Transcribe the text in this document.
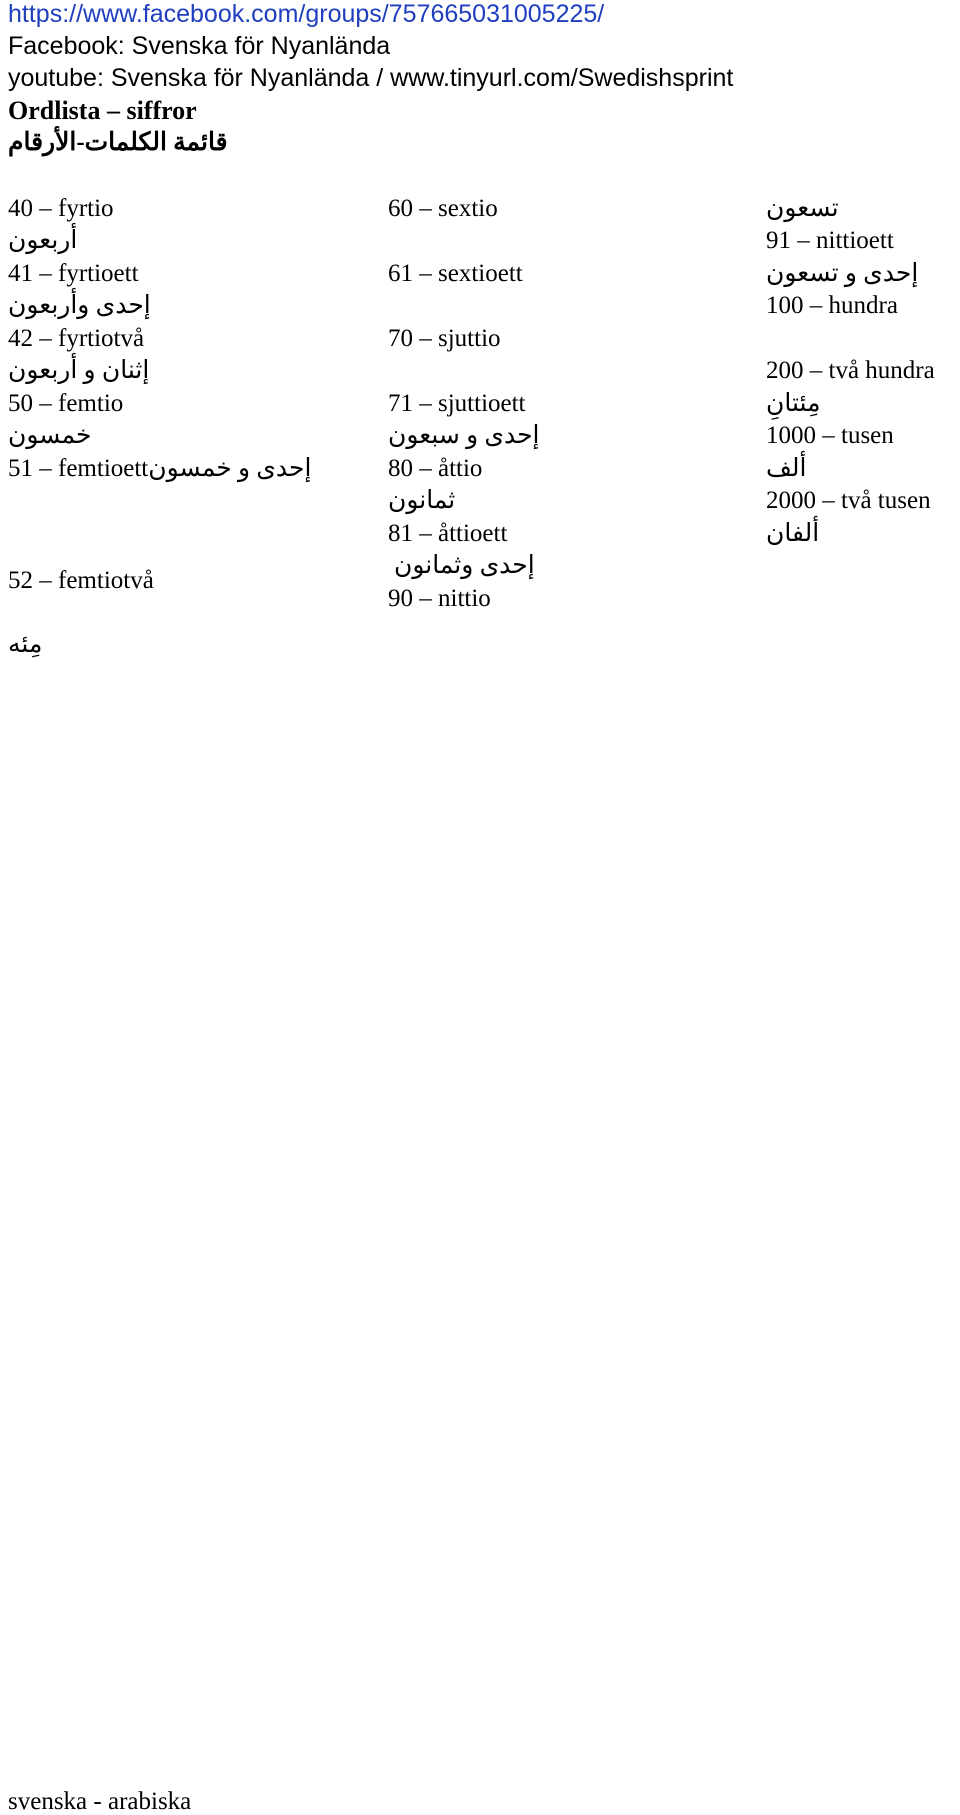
https://www.facebook.com/groups/757665031005225/
Facebook: Svenska för Nyanlända
youtube: Svenska för Nyanlända / www.tinyurl.com/Swedishsprint
Ordlista – siffror
قائمة الكلمات-الأرقام
40 – fyrtio
أربعون
41 – fyrtioett
إحدى وأربعون
42 – fyrtiotvå
إثنان و أربعون
50 – femtio
خمسون
51 – femtioettإحدى و خمسون
52 – femtiotvå
مِئه
60 – sextio
61 – sextioett
70 – sjuttio
71 – sjuttioett
إحدى و سبعون
80 – åttio
ثمانون
81 – åttioett
إحدى وثمانون
90 – nittio
تسعون
91 – nittioett
إحدى و تسعون
100 – hundra
200 – två hundra
مِئتانِ
1000 – tusen
ألف
2000 – två tusen
ألفان
svenska - arabiska
